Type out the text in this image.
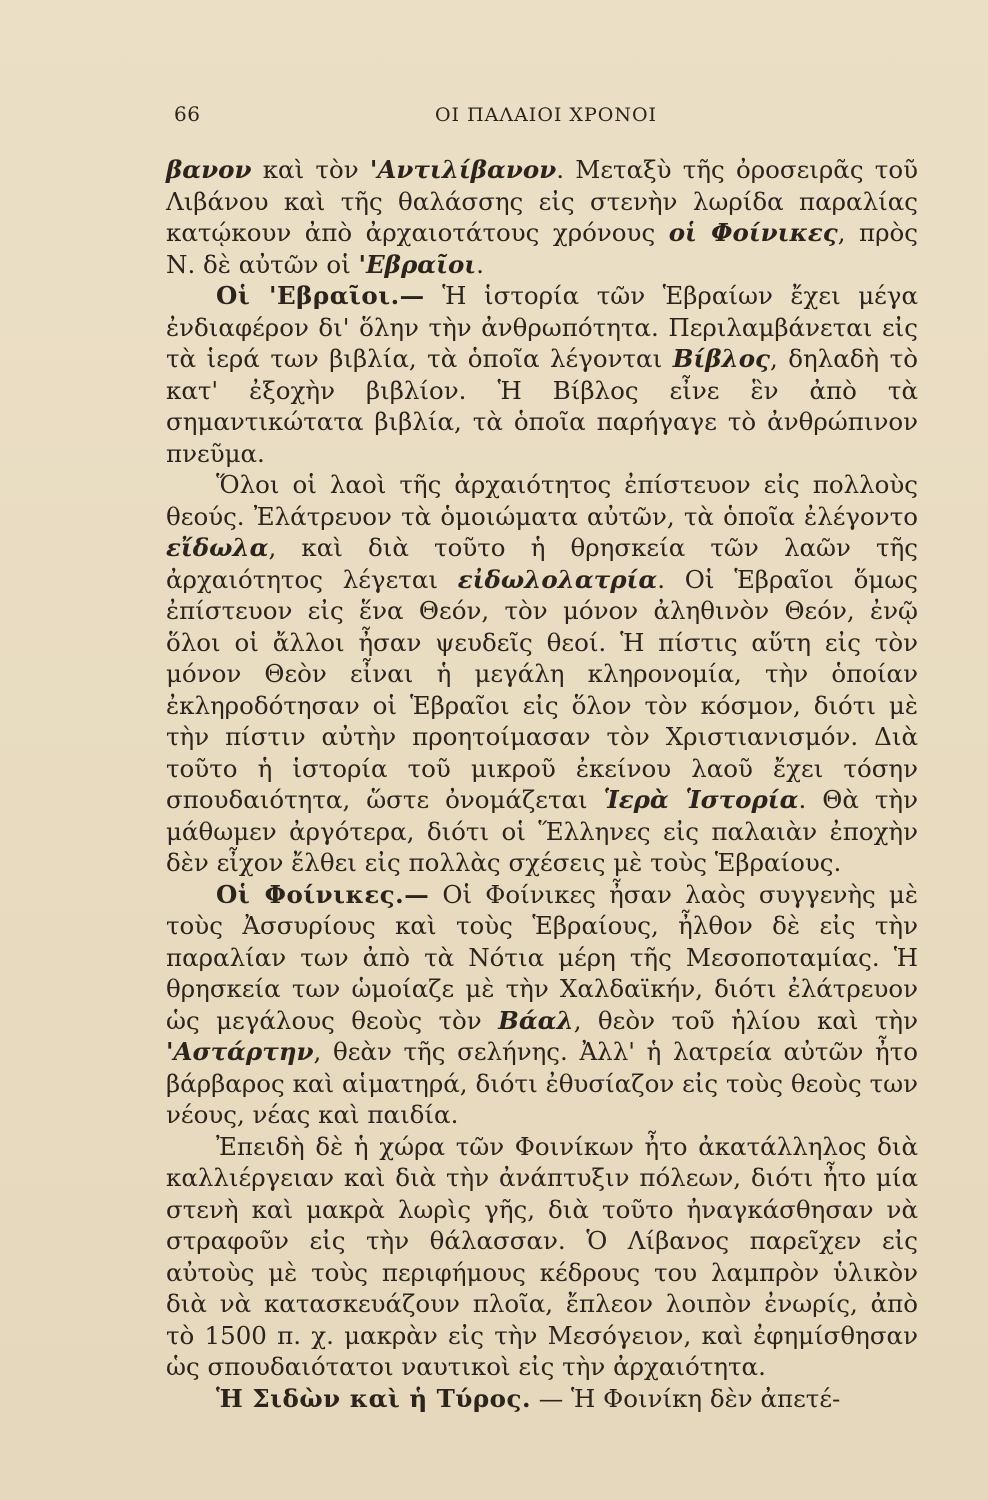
66	ΟΙ ΠΑΛΑΙΟΙ ΧΡΟΝΟΙ

βανον καὶ τὸν 'Αντιλίβανον. Μεταξὺ τῆς ὀροσειρᾶς τοῦ Λιβάνου καὶ τῆς θαλάσσης εἰς στενὴν λωρίδα παραλίας κατῴκουν ἀπὸ ἀρχαιοτάτους χρόνους οἱ Φοίνικες, πρὸς Ν. δὲ αὐτῶν οἱ 'Εβραῖοι.

Οἱ 'Εβραῖοι.— Ἡ ἱστορία τῶν Ἑβραίων ἔχει μέγα ἐνδιαφέρον δι' ὅλην τὴν ἀνθρωπότητα. Περιλαμβάνεται εἰς τὰ ἱερά των βιβλία, τὰ ὁποῖα λέγονται Βίβλος, δηλαδὴ τὸ κατ' ἐξοχὴν βιβλίον. Ἡ Βίβλος εἶνε ἓν ἀπὸ τὰ σημαντικώτατα βιβλία, τὰ ὁποῖα παρήγαγε τὸ ἀνθρώπινον πνεῦμα.

Ὅλοι οἱ λαοὶ τῆς ἀρχαιότητος ἐπίστευον εἰς πολλοὺς θεούς. Ἐλάτρευον τὰ ὁμοιώματα αὐτῶν, τὰ ὁποῖα ἐλέγοντο εἴδωλα, καὶ διὰ τοῦτο ἡ θρησκεία τῶν λαῶν τῆς ἀρχαιότητος λέγεται εἰδωλολατρία. Οἱ Ἑβραῖοι ὅμως ἐπίστευον εἰς ἕνα Θεόν, τὸν μόνον ἀληθινὸν Θεόν, ἐνῷ ὅλοι οἱ ἄλλοι ἦσαν ψευδεῖς θεοί. Ἡ πίστις αὕτη εἰς τὸν μόνον Θεὸν εἶναι ἡ μεγάλη κληρονομία, τὴν ὁποίαν ἐκληροδότησαν οἱ Ἑβραῖοι εἰς ὅλον τὸν κόσμον, διότι μὲ τὴν πίστιν αὐτὴν προητοίμασαν τὸν Χριστιανισμόν. Διὰ τοῦτο ἡ ἱστορία τοῦ μικροῦ ἐκείνου λαοῦ ἔχει τόσην σπουδαιότητα, ὥστε ὀνομάζεται Ἱερὰ Ἱστορία. Θὰ τὴν μάθωμεν ἀργότερα, διότι οἱ Ἕλληνες εἰς παλαιὰν ἐποχὴν δὲν εἶχον ἔλθει εἰς πολλὰς σχέσεις μὲ τοὺς Ἑβραίους.

Οἱ Φοίνικες.— Οἱ Φοίνικες ἦσαν λαὸς συγγενὴς μὲ τοὺς Ἀσσυρίους καὶ τοὺς Ἑβραίους, ἦλθον δὲ εἰς τὴν παραλίαν των ἀπὸ τὰ Νότια μέρη τῆς Μεσοποταμίας. Ἡ θρησκεία των ὡμοίαζε μὲ τὴν Χαλδαϊκήν, διότι ἐλάτρευον ὡς μεγάλους θεοὺς τὸν Βάαλ, θεὸν τοῦ ἡλίου καὶ τὴν 'Αστάρτην, θεὰν τῆς σελήνης. Ἀλλ' ἡ λατρεία αὐτῶν ἦτο βάρβαρος καὶ αἱματηρά, διότι ἐθυσίαζον εἰς τοὺς θεοὺς των νέους, νέας καὶ παιδία.

Ἐπειδὴ δὲ ἡ χώρα τῶν Φοινίκων ἦτο ἀκατάλληλος διὰ καλλιέργειαν καὶ διὰ τὴν ἀνάπτυξιν πόλεων, διότι ἦτο μία στενὴ καὶ μακρὰ λωρὶς γῆς, διὰ τοῦτο ἠναγκάσθησαν νὰ στραφοῦν εἰς τὴν θάλασσαν. Ὁ Λίβανος παρεῖχεν εἰς αὐτοὺς μὲ τοὺς περιφήμους κέδρους του λαμπρὸν ὑλικὸν διὰ νὰ κατασκευάζουν πλοῖα, ἔπλεον λοιπὸν ἐνωρίς, ἀπὸ τὸ 1500 π. χ. μακρὰν εἰς τὴν Μεσόγειον, καὶ ἐφημίσθησαν ὡς σπουδαιότατοι ναυτικοὶ εἰς τὴν ἀρχαιότητα.

Ἡ Σιδὼν καὶ ἡ Τύρος. — Ἡ Φοινίκη δὲν ἀπετέ-
